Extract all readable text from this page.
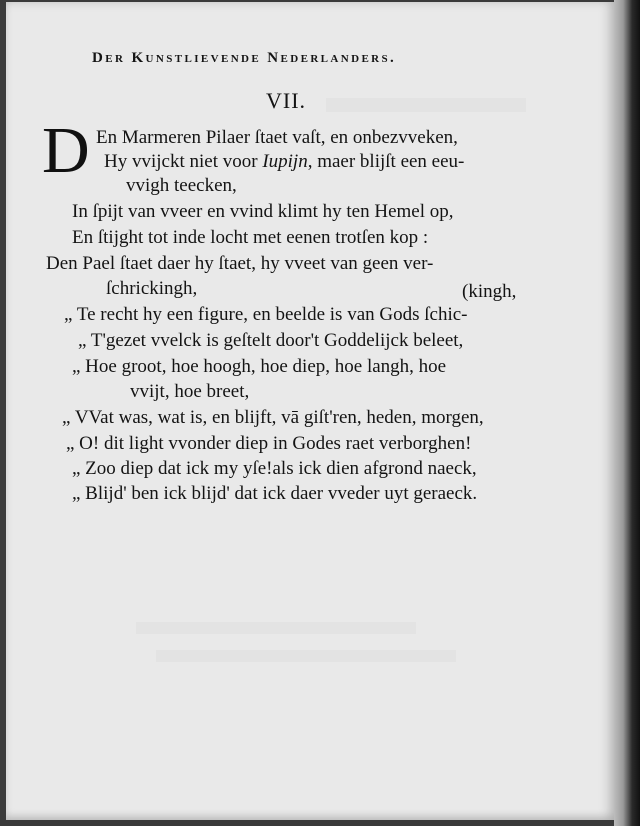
Der Kunstlievende Nederlanders.
VII.
D En Marmeren Pilaer ſtaet vaſt, en onbezvveken,
Hy vvijckt niet voor Iupijn, maer blijſt een eeu-
vvigh teecken,
In ſpijt van vveer en vvind klimt hy ten Hemel op,
En ſtijght tot inde locht met eenen trotſen kop :
Den Pael ſtaet daer hy ſtaet, hy vveet van geen ver-
ſchrickingh,	(kingh,
„ Te recht hy een figure, en beelde is van Gods ſchic-
„ T'gezet vvelck is geſtelt door't Goddelijck beleet,
„ Hoe groot, hoe hoogh, hoe diep, hoe langh, hoe
vvijt, hoe breet,
„ VVat was, wat is, en blijft, vā giſt'ren, heden, morgen,
„ O! dit light vvonder diep in Godes raet verborghen!
„ Zoo diep dat ick my yſe!als ick dien afgrond naeck,
„ Blijd' ben ick blijd' dat ick daer vveder uyt geraeck.
